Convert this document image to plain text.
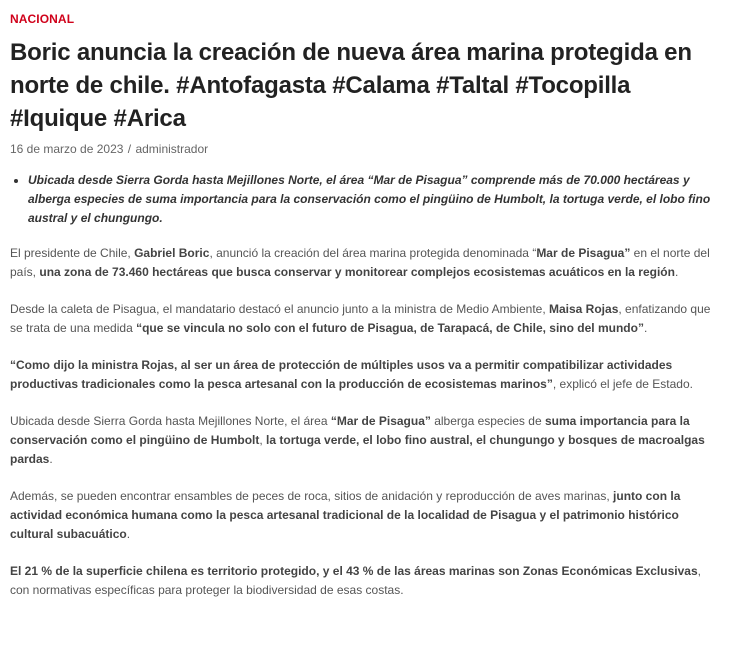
NACIONAL
Boric anuncia la creación de nueva área marina protegida en norte de chile. #Antofagasta #Calama #Taltal #Tocopilla #Iquique #Arica
16 de marzo de 2023 / administrador
• Ubicada desde Sierra Gorda hasta Mejillones Norte, el área “Mar de Pisagua” comprende más de 70.000 hectáreas y alberga especies de suma importancia para la conservación como el pingüino de Humbolt, la tortuga verde, el lobo fino austral y el chungungo.

El presidente de Chile, Gabriel Boric, anunció la creación del área marina protegida denominada “Mar de Pisagua” en el norte del país, una zona de 73.460 hectáreas que busca conservar y monitorear complejos ecosistemas acuáticos en la región.

Desde la caleta de Pisagua, el mandatario destacó el anuncio junto a la ministra de Medio Ambiente, Maisa Rojas, enfatizando que se trata de una medida “que se vincula no solo con el futuro de Pisagua, de Tarapacá, de Chile, sino del mundo”.

“Como dijo la ministra Rojas, al ser un área de protección de múltiples usos va a permitir compatibilizar actividades productivas tradicionales como la pesca artesanal con la producción de ecosistemas marinos”, explicó el jefe de Estado.

Ubicada desde Sierra Gorda hasta Mejillones Norte, el área “Mar de Pisagua” alberga especies de suma importancia para la conservación como el pingüino de Humbolt, la tortuga verde, el lobo fino austral, el chungungo y bosques de macroalgas pardas.

Además, se pueden encontrar ensambles de peces de roca, sitios de anidación y reproducción de aves marinas, junto con la actividad económica humana como la pesca artesanal tradicional de la localidad de Pisagua y el patrimonio histórico cultural subacuático.

El 21 % de la superficie chilena es territorio protegido, y el 43 % de las áreas marinas son Zonas Económicas Exclusivas, con normativas específicas para proteger la biodiversidad de esas costas.
